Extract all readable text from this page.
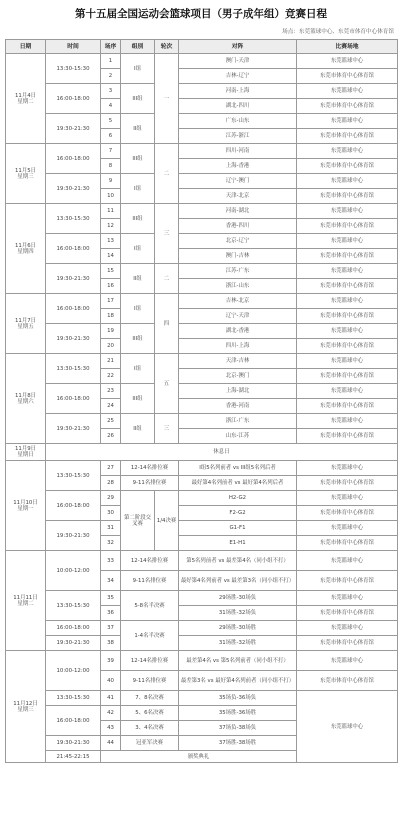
第十五届全国运动会篮球项目（男子成年组）竞赛日程
场点：东莞篮球中心、东莞市体育中心体育馆
日期	时间	场序	组别	轮次	对阵	比赛场地

11月4日
星期二	13:30-15:30	1	I组	一	澳门-天津	东莞篮球中心
		2			吉林-辽宁	东莞市体育中心体育馆
	16:00-18:00	3	III组		河南-上海	东莞篮球中心
		4			湖北-四川	东莞市体育中心体育馆
	19:30-21:30	5	II组		广东-山东	东莞篮球中心
		6			江苏-浙江	东莞市体育中心体育馆

11月5日
星期三	16:00-18:00	7	III组	二	四川-河南	东莞篮球中心
		8			上海-香港	东莞市体育中心体育馆
	19:30-21:30	9	I组		辽宁-澳门	东莞篮球中心
		10			天津-北京	东莞市体育中心体育馆

11月6日
星期四	13:30-15:30	11	III组	三	河南-湖北	东莞篮球中心
		12			香港-四川	东莞市体育中心体育馆
	16:00-18:00	13	I组		北京-辽宁	东莞篮球中心
		14			澳门-吉林	东莞市体育中心体育馆
	19:30-21:30	15	II组	二	江苏-广东	东莞篮球中心
		16			浙江-山东	东莞市体育中心体育馆

11月7日
星期五	16:00-18:00	17	I组	四	吉林-北京	东莞篮球中心
		18			辽宁-天津	东莞市体育中心体育馆
	19:30-21:30	19	III组		湖北-香港	东莞篮球中心
		20			四川-上海	东莞市体育中心体育馆

11月8日
星期六	13:30-15:30	21	I组	五	天津-吉林	东莞篮球中心
		22			北京-澳门	东莞市体育中心体育馆
	16:00-18:00	23	III组		上海-湖北	东莞篮球中心
		24			香港-河南	东莞市体育中心体育馆
	19:30-21:30	25	II组	三	浙江-广东	东莞篮球中心
		26			山东-江苏	东莞市体育中心体育馆

11月9日
星期日	休息日					

11月10日
星期一	13:30-15:30	27	12-14名排位赛		I组5名列前者 vs III组5名列后者	东莞篮球中心
		28	9-11名排位赛		最好第4名列前者 vs 最好第4名列后者	东莞市体育中心体育馆
	16:00-18:00	29	第二阶段交叉赛	1/4决赛	H2-G2	东莞篮球中心
		30			F2-G2	东莞市体育中心体育馆
	19:30-21:30	31			G1-F1	东莞篮球中心
		32			E1-H1	东莞市体育中心体育馆

11月11日
星期二	10:00-12:00	33	12-14名排位赛		第5名列前者 vs 最差第4名（同小组不打）	东莞篮球中心
		34	9-11名排位赛		最好第4名列前者 vs 最差第3名（同小组不打）	东莞市体育中心体育馆
	13:30-15:30	35	5-8名半决赛		29场胜-30场负	东莞篮球中心
		36			31场胜-32场负	东莞市体育中心体育馆
	16:00-18:00	37	1-4名半决赛		29场胜-30场胜	东莞篮球中心
	19:30-21:30	38			31场胜-32场胜	东莞市体育中心体育馆

11月12日
星期三	10:00-12:00	39	12-14名排位赛		最差第4名 vs 第5名列前者（同小组不打）	东莞篮球中心
		40	9-11名排位赛		最差第3名 vs 最好第4名列前者（同小组不打）	东莞市体育中心体育馆
	13:30-15:30	41	7、8名决赛		35场负-36场负	东莞篮球中心
	16:00-18:00	42	5、6名决赛		35场胜-36场胜	
		43	3、4名决赛		37场负-38场负	
	19:30-21:30	44	冠亚军决赛		37场胜-38场胜	
	21:45-22:15	颁奖典礼				
